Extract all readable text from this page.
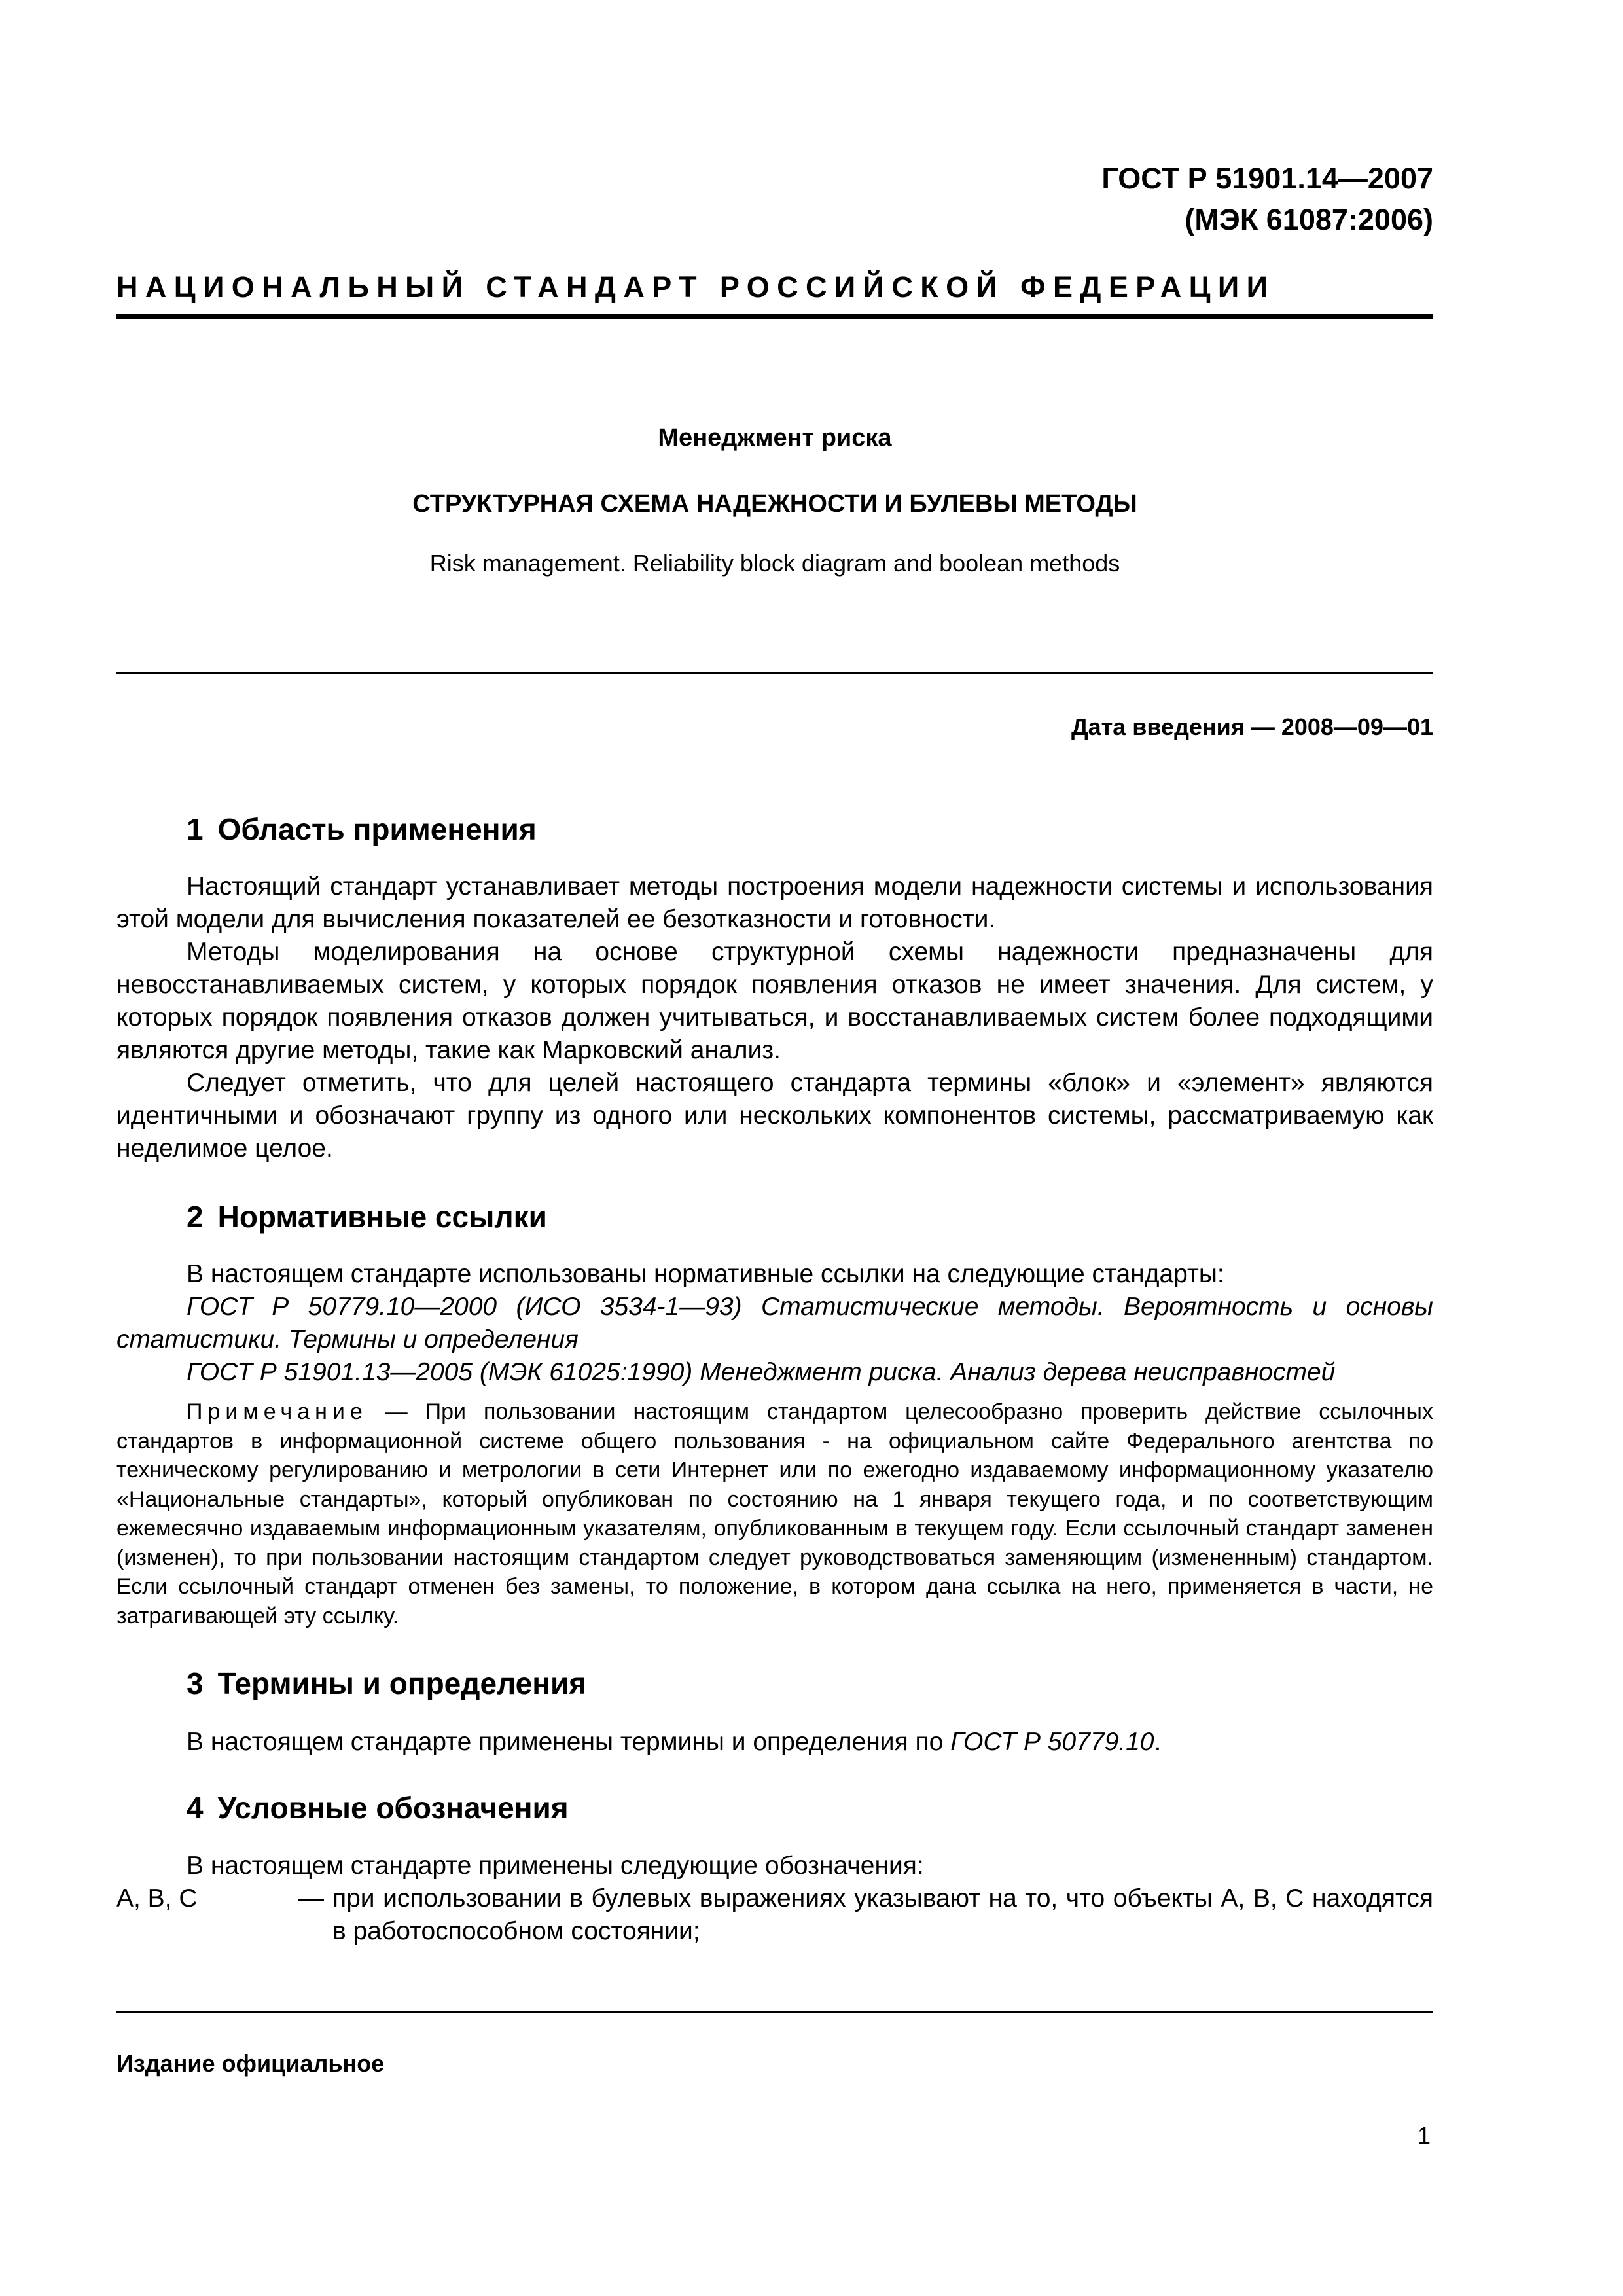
ГОСТ Р 51901.14—2007
(МЭК 61087:2006)
НАЦИОНАЛЬНЫЙ СТАНДАРТ РОССИЙСКОЙ ФЕДЕРАЦИИ
Менеджмент риска
СТРУКТУРНАЯ СХЕМА НАДЕЖНОСТИ И БУЛЕВЫ МЕТОДЫ
Risk management. Reliability block diagram and boolean methods
Дата введения — 2008—09—01
1 Область применения

Настоящий стандарт устанавливает методы построения модели надежности системы и использования этой модели для вычисления показателей ее безотказности и готовности.

Методы моделирования на основе структурной схемы надежности предназначены для невосстанавливаемых систем, у которых порядок появления отказов не имеет значения. Для систем, у которых порядок появления отказов должен учитываться, и восстанавливаемых систем более подходящими являются другие методы, такие как Марковский анализ.

Следует отметить, что для целей настоящего стандарта термины «блок» и «элемент» являются идентичными и обозначают группу из одного или нескольких компонентов системы, рассматриваемую как неделимое целое.

2 Нормативные ссылки

В настоящем стандарте использованы нормативные ссылки на следующие стандарты:

ГОСТ Р 50779.10—2000 (ИСО 3534-1—93) Статистические методы. Вероятность и основы статистики. Термины и определения

ГОСТ Р 51901.13—2005 (МЭК 61025:1990) Менеджмент риска. Анализ дерева неисправностей

Примечание — При пользовании настоящим стандартом целесообразно проверить действие ссылочных стандартов в информационной системе общего пользования - на официальном сайте Федерального агентства по техническому регулированию и метрологии в сети Интернет или по ежегодно издаваемому информационному указателю «Национальные стандарты», который опубликован по состоянию на 1 января текущего года, и по соответствующим ежемесячно издаваемым информационным указателям, опубликованным в текущем году. Если ссылочный стандарт заменен (изменен), то при пользовании настоящим стандартом следует руководствоваться заменяющим (измененным) стандартом. Если ссылочный стандарт отменен без замены, то положение, в котором дана ссылка на него, применяется в части, не затрагивающей эту ссылку.

3 Термины и определения

В настоящем стандарте применены термины и определения по ГОСТ Р 50779.10.

4 Условные обозначения

В настоящем стандарте применены следующие обозначения:

A, B, C	— при использовании в булевых выражениях указывают на то, что объекты A, B, C находятся в работоспособном состоянии;
Издание официальное
1
